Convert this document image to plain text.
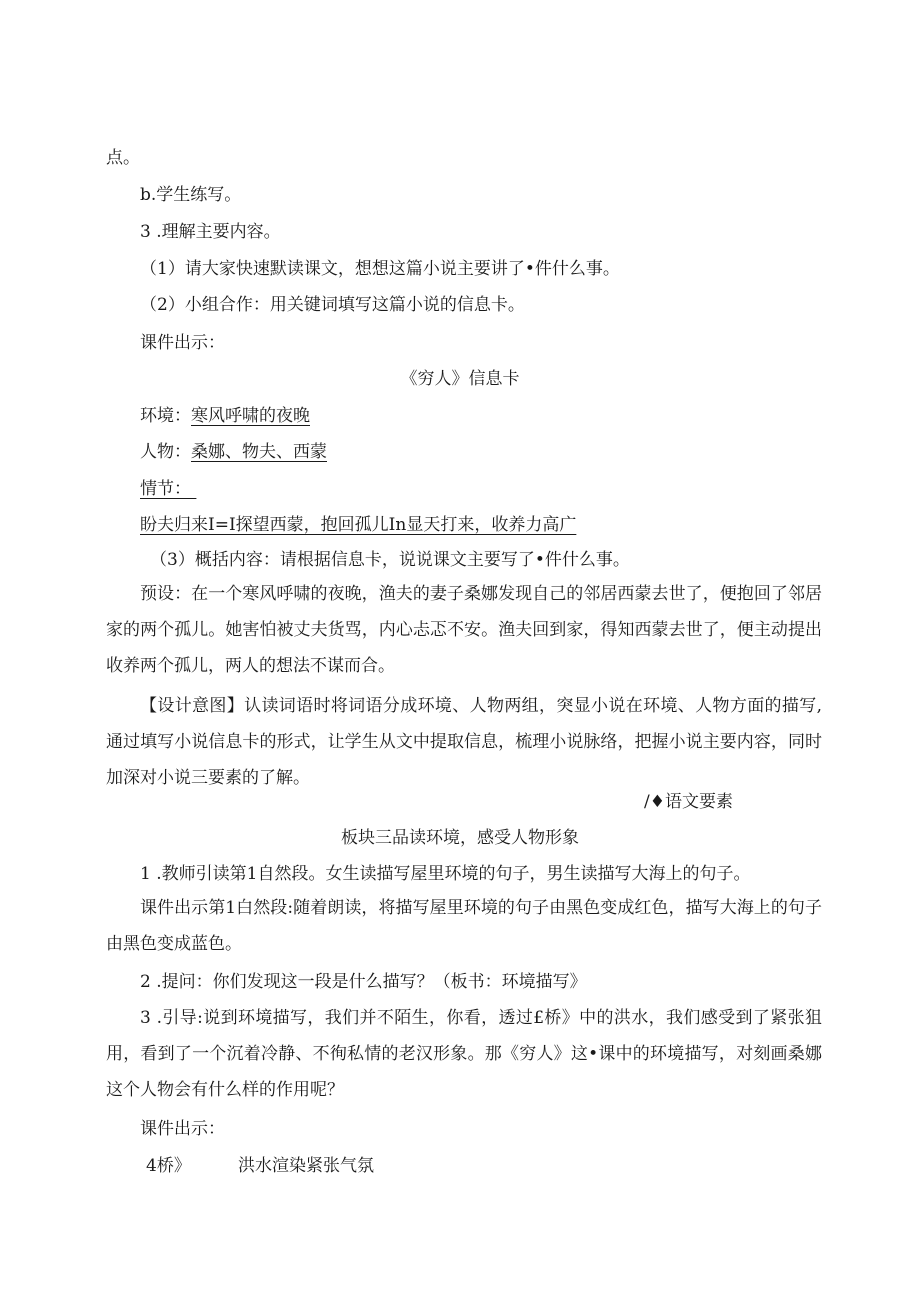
点。
b.学生练写。
3 .理解主要内容。
（1）请大家快速默读课文，想想这篇小说主要讲了•件什么事。
（2）小组合作：用关键词填写这篇小说的信息卡。
课件出示：
《穷人》信息卡
环境：寒风呼啸的夜晚
人物：桑娜、物夫、西蒙
情节：
盼夫归来I=I探望西蒙，抱回孤儿In显天打来，收养力高广
（3）概括内容：请根据信息卡，说说课文主要写了•件什么事。
预设：在一个寒风呼啸的夜晚，渔夫的妻子桑娜发现自己的邻居西蒙去世了，便抱回了邻居家的两个孤儿。她害怕被丈夫货骂，内心忐忑不安。渔夫回到家，得知西蒙去世了，便主动提出收养两个孤儿，两人的想法不谋而合。
【设计意图】认读词语时将词语分成环境、人物两组，突显小说在环境、人物方面的描写,通过填写小说信息卡的形式，让学生从文中提取信息，梳理小说脉络，把握小说主要内容，同时加深对小说三要素的了解。
/♦语文要素
板块三品读环境，感受人物形象
1 .教师引读第1自然段。女生读描写屋里环境的句子，男生读描写大海上的句子。
课件出示第1白然段:随着朗读，将描写屋里环境的句子由黑色变成红色，描写大海上的句子由黑色变成蓝色。
2 .提问：你们发现这一段是什么描写？（板书：环境描写》
3 .引导:说到环境描写，我们并不陌生，你看，透过£桥》中的洪水，我们感受到了紧张狙用，看到了一个沉着冷静、不徇私情的老汉形象。那《穷人》这•课中的环境描写，对刻画桑娜这个人物会有什么样的作用呢？
课件出示：
4桥》	洪水渲染紧张气氛
